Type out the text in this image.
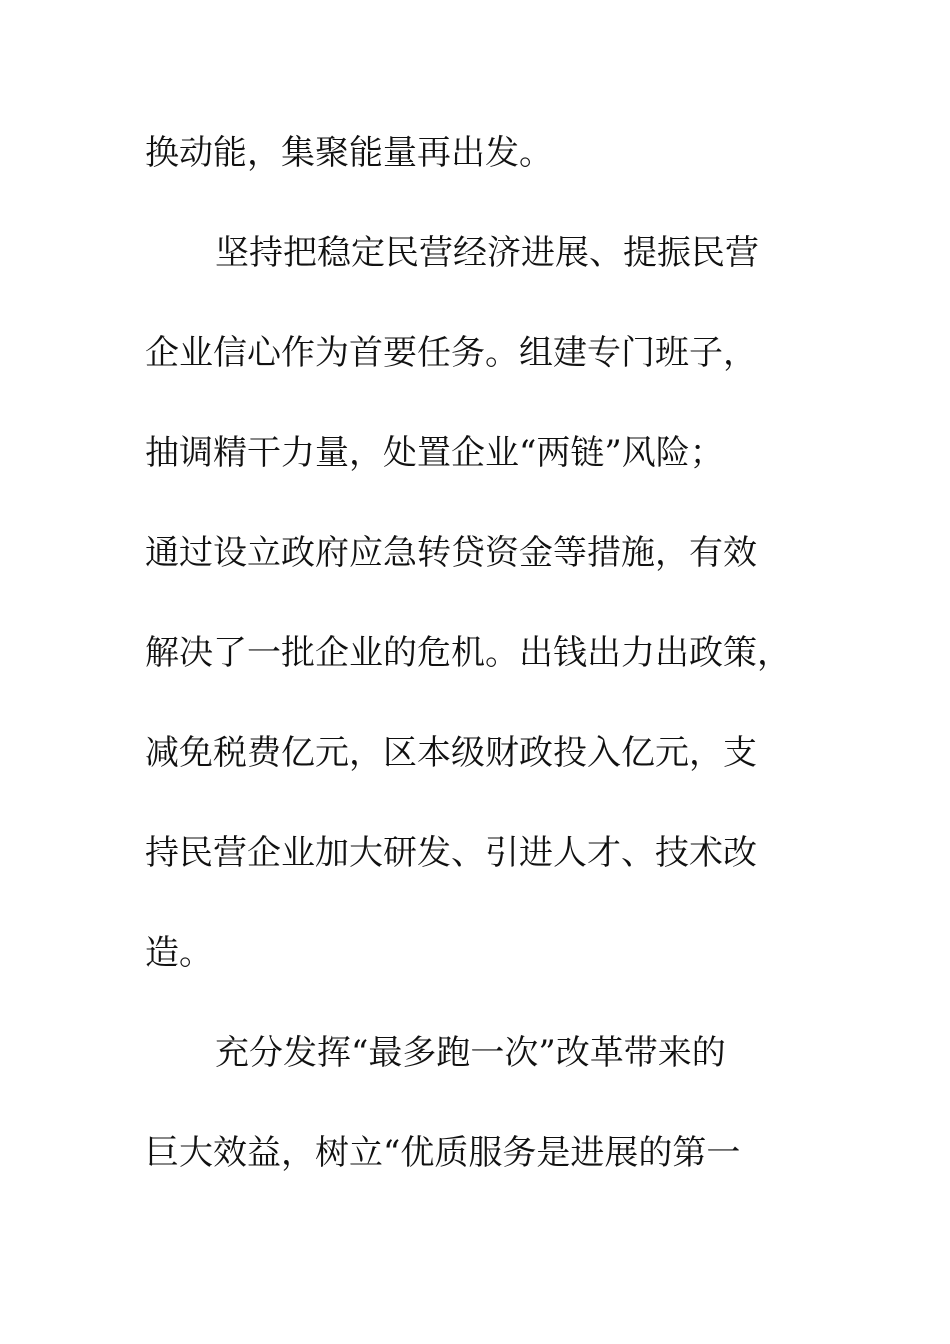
换动能，集聚能量再出发。
坚持把稳定民营经济进展、提振民营
企业信心作为首要任务。组建专门班子，
抽调精干力量，处置企业“两链”风险；
通过设立政府应急转贷资金等措施，有效
解决了一批企业的危机。出钱出力出政策，
减免税费亿元，区本级财政投入亿元，支
持民营企业加大研发、引进人才、技术改
造。
充分发挥“最多跑一次”改革带来的
巨大效益，树立“优质服务是进展的第一
